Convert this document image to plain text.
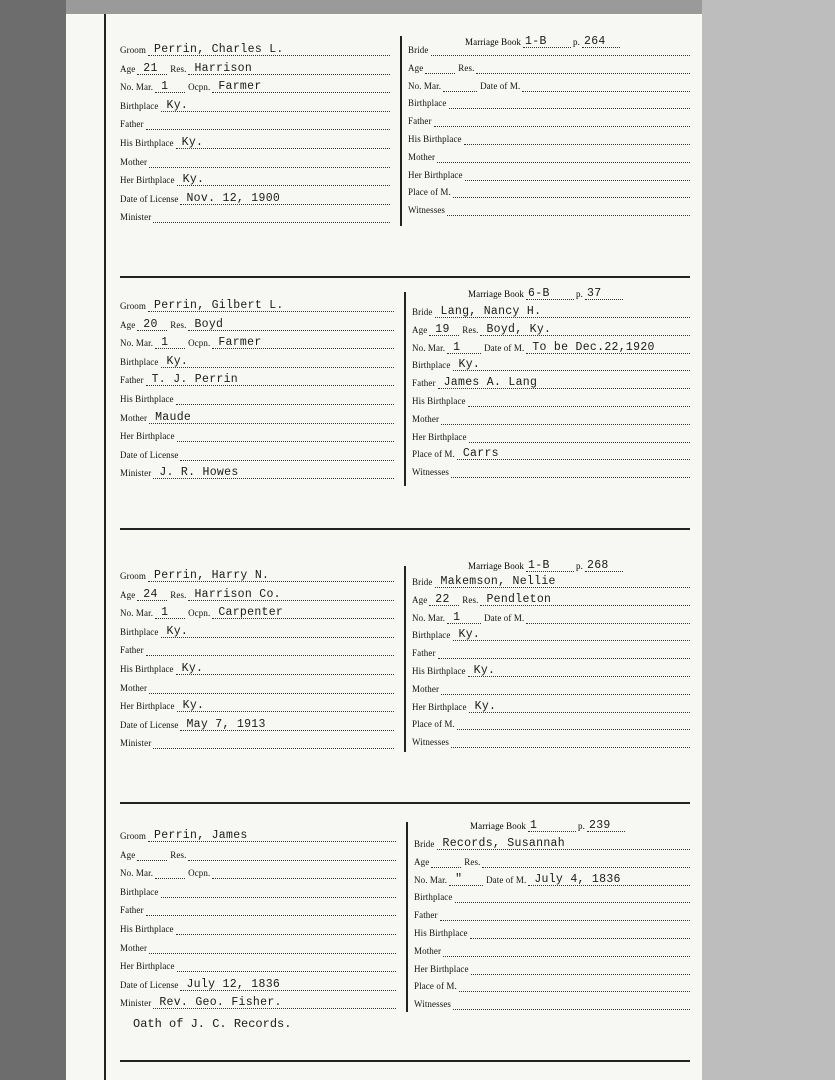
Groom Perrin, Charles L.
Age 21 Res. Harrison
No. Mar. 1 Ocpn. Farmer
Birthplace Ky.
Father
His Birthplace Ky.
Mother
Her Birthplace Ky.
Date of License Nov. 12, 1900
Minister
Marriage Book 1-B	p. 264
Bride
Age	Res.
No. Mar.	Date of M.
Birthplace
Father
His Birthplace
Mother
Her Birthplace
Place of M.
Witnesses
Groom Perrin, Gilbert L.
Age 20 Res. Boyd
No. Mar. 1 Ocpn. Farmer
Birthplace Ky.
Father T. J. Perrin
His Birthplace
Mother Maude
Her Birthplace
Date of License
Minister J. R. Howes
Marriage Book 6-B	p. 37
Bride Lang, Nancy H.
Age 19 Res. Boyd, Ky.
No. Mar. 1	Date of M. To be Dec.22,1920
Birthplace Ky.
Father James A. Lang
His Birthplace
Mother
Her Birthplace
Place of M. Carrs
Witnesses
Groom Perrin, Harry N.
Age 24 Res. Harrison Co.
No. Mar. 1 Ocpn. Carpenter
Birthplace Ky.
Father
His Birthplace Ky.
Mother
Her Birthplace Ky.
Date of License May 7, 1913
Minister
Marriage Book 1-B	p. 268
Bride Makemson, Nellie
Age 22 Res. Pendleton
No. Mar. 1	Date of M.
Birthplace Ky.
Father
His Birthplace Ky.
Mother
Her Birthplace Ky.
Place of M.
Witnesses
Groom Perrin, James
Age	Res.
No. Mar.	Ocpn.
Birthplace
Father
His Birthplace
Mother
Her Birthplace
Date of License July 12, 1836
Minister Rev. Geo. Fisher.
Marriage Book 1	p. 239
Bride Records, Susannah
Age	Res.
No. Mar. "	Date of M. July 4, 1836
Birthplace
Father
His Birthplace
Mother
Her Birthplace
Place of M.
Witnesses
Oath of J. C. Records.
